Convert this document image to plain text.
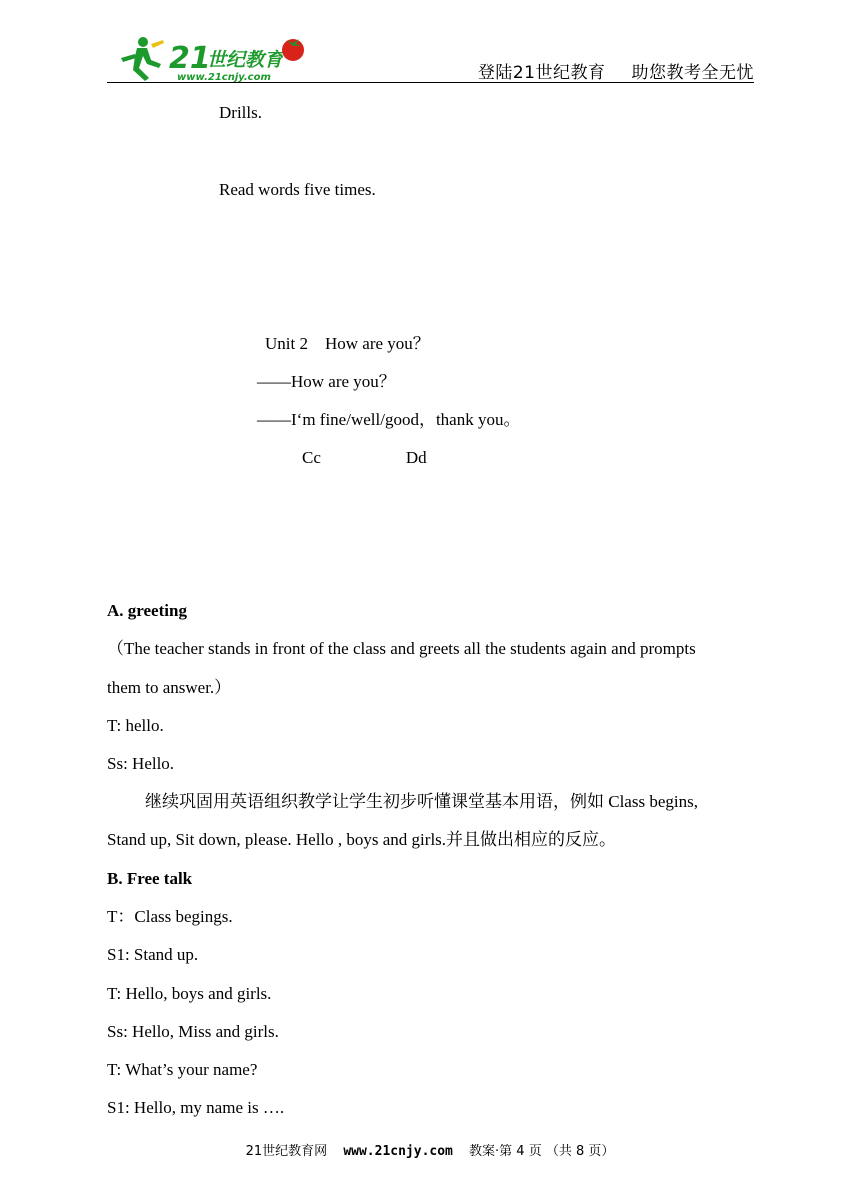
21
世纪教育
www.21cnjy.com	登陆21世纪教育 助您教考全无忧
Drills.
Read words five times.
Unit 2    How are you？
——How are you？
——I‘m fine/well/good，thank you。
Cc	Dd
A. greeting
（The teacher stands in front of the class and greets all the students again and prompts
them to answer.）
T: hello.
Ss: Hello.
继续巩固用英语组织教学让学生初步听懂课堂基本用语，例如 Class begins,
Stand up, Sit down, please. Hello , boys and girls.并且做出相应的反应。
B. Free talk
T：Class begings.
S1: Stand up.
T: Hello, boys and girls.
Ss: Hello, Miss and girls.
T: What’s your name?
S1: Hello, my name is ….
21世纪教育网 www.21cnjy.com 教案·第 4 页 （共 8 页）
